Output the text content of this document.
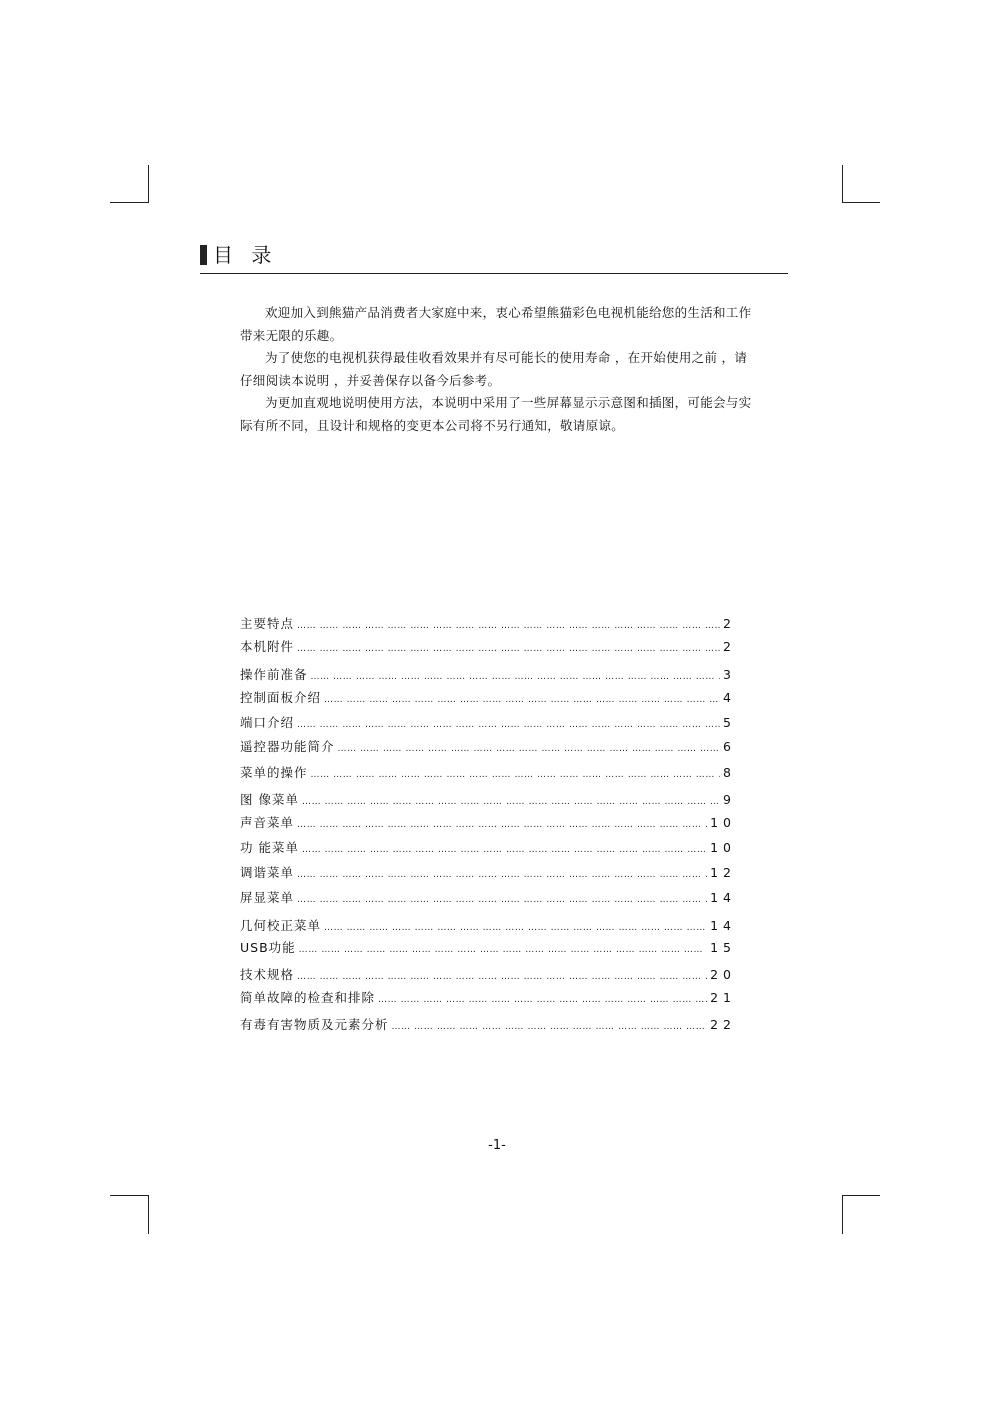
目 录

欢迎加入到熊猫产品消费者大家庭中来，衷心希望熊猫彩色电视机能给您的生活和工作带来无限的乐趣。

为了使您的电视机获得最佳收看效果并有尽可能长的使用寿命 ，在开始使用之前 ，请仔细阅读本说明 ，并妥善保存以备今后参考。

为更加直观地说明使用方法，本说明中采用了一些屏幕显示示意图和插图，可能会与实际有所不同，且设计和规格的变更本公司将不另行通知，敬请原谅。

主要特点 …… …… …… …… …… …… …… …… …… …… …… …… …… …… …… …… …… …… …… …… …… …… …… …… …… …… …… …… …… …… …… …… …… ……	2
本机附件 …… …… …… …… …… …… …… …… …… …… …… …… …… …… …… …… …… …… …… …… …… …… …… …… …… …… …… …… …… …… …… …… …… ……	2
操作前准备 …… …… …… …… …… …… …… …… …… …… …… …… …… …… …… …… …… …… …… …… …… …… …… …… …… …… …… …… …… …… …… …… …… ……	3
控制面板介绍 …… …… …… …… …… …… …… …… …… …… …… …… …… …… …… …… …… …… …… …… …… …… …… …… …… …… …… …… …… …… …… …… …… ……	4
端口介绍 …… …… …… …… …… …… …… …… …… …… …… …… …… …… …… …… …… …… …… …… …… …… …… …… …… …… …… …… …… …… …… …… …… ……	5
遥控器功能简介 …… …… …… …… …… …… …… …… …… …… …… …… …… …… …… …… …… …… …… …… …… …… …… …… …… …… …… …… …… …… …… …… …… ……	6
菜单的操作 …… …… …… …… …… …… …… …… …… …… …… …… …… …… …… …… …… …… …… …… …… …… …… …… …… …… …… …… …… …… …… …… …… ……	8
图 像菜单 …… …… …… …… …… …… …… …… …… …… …… …… …… …… …… …… …… …… …… …… …… …… …… …… …… …… …… …… …… …… …… …… …… ……	9
声音菜单 …… …… …… …… …… …… …… …… …… …… …… …… …… …… …… …… …… …… …… …… …… …… …… …… …… …… …… …… …… …… …… …… …… ……	10
功 能菜单 …… …… …… …… …… …… …… …… …… …… …… …… …… …… …… …… …… …… …… …… …… …… …… …… …… …… …… …… …… …… …… …… …… ……	10
调谐菜单 …… …… …… …… …… …… …… …… …… …… …… …… …… …… …… …… …… …… …… …… …… …… …… …… …… …… …… …… …… …… …… …… …… ……	12
屏显菜单 …… …… …… …… …… …… …… …… …… …… …… …… …… …… …… …… …… …… …… …… …… …… …… …… …… …… …… …… …… …… …… …… …… ……	14
几何校正菜单 …… …… …… …… …… …… …… …… …… …… …… …… …… …… …… …… …… …… …… …… …… …… …… …… …… …… …… …… …… …… …… …… …… ……	14
USB功能 …… …… …… …… …… …… …… …… …… …… …… …… …… …… …… …… …… …… …… …… …… …… …… …… …… …… …… …… …… …… …… …… …… ……	15
技术规格 …… …… …… …… …… …… …… …… …… …… …… …… …… …… …… …… …… …… …… …… …… …… …… …… …… …… …… …… …… …… …… …… …… ……	20
简单故障的检查和排除 …… …… …… …… …… …… …… …… …… …… …… …… …… …… …… …… …… …… …… …… …… …… …… …… …… …… …… …… …… …… …… …… …… ……	21
有毒有害物质及元素分析 …… …… …… …… …… …… …… …… …… …… …… …… …… …… …… …… …… …… …… …… …… …… …… …… …… …… …… …… …… …… …… …… …… ……	22
-1-
